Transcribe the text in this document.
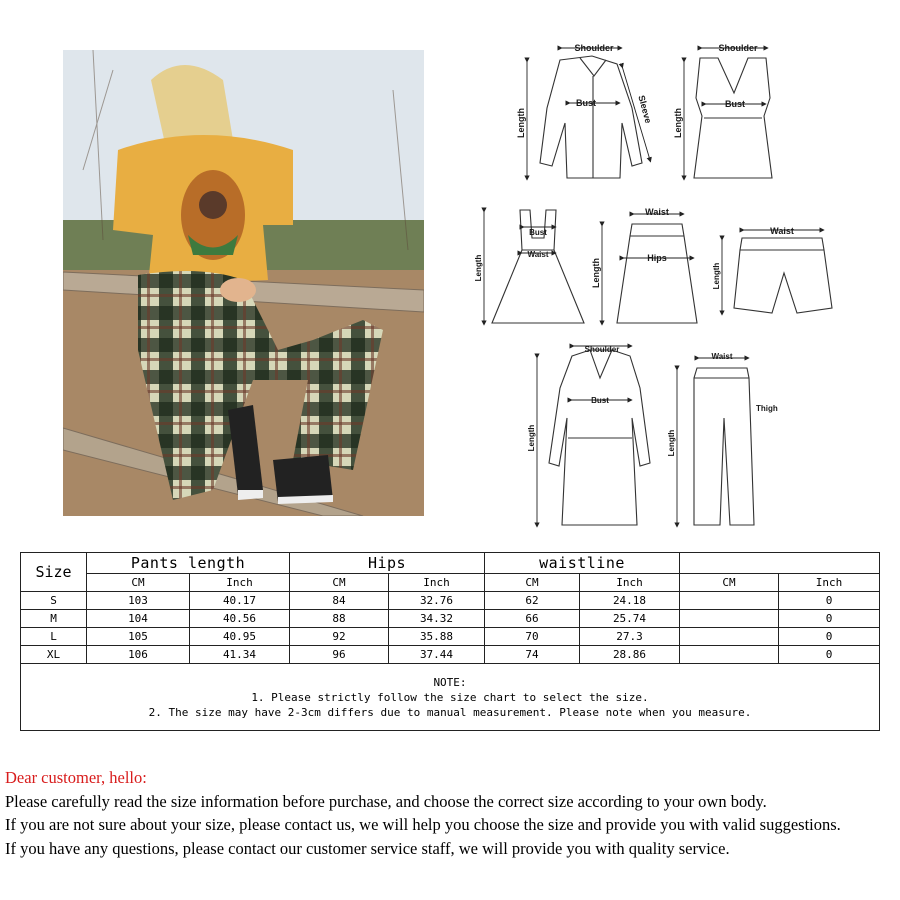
Shoulder
Bust
Length	Sleeve
Shoulder
Bust
Length
Bust
Waist
Length
Waist
Hips
Length
Waist
Length
Shoulder
Bust
Length
Waist
Thigh
Length
Size	Pants length		Hips		waistline			
	CM	Inch	CM	Inch	CM	Inch	CM	Inch
S	103	40.17	84	32.76	62	24.18		0
M	104	40.56	88	34.32	66	25.74		0
L	105	40.95	92	35.88	70	27.3		0
XL	106	41.34	96	37.44	74	28.86		0

NOTE:
1. Please strictly follow the size chart to select the size.
2. The size may have 2-3cm differs due to manual measurement. Please note when you measure.								
Dear customer, hello:
Please carefully read the size information before purchase, and choose the correct size according to your own body.
If you are not sure about your size, please contact us, we will help you choose the size and provide you with valid suggestions.
If you have any questions, please contact our customer service staff, we will provide you with quality service.
